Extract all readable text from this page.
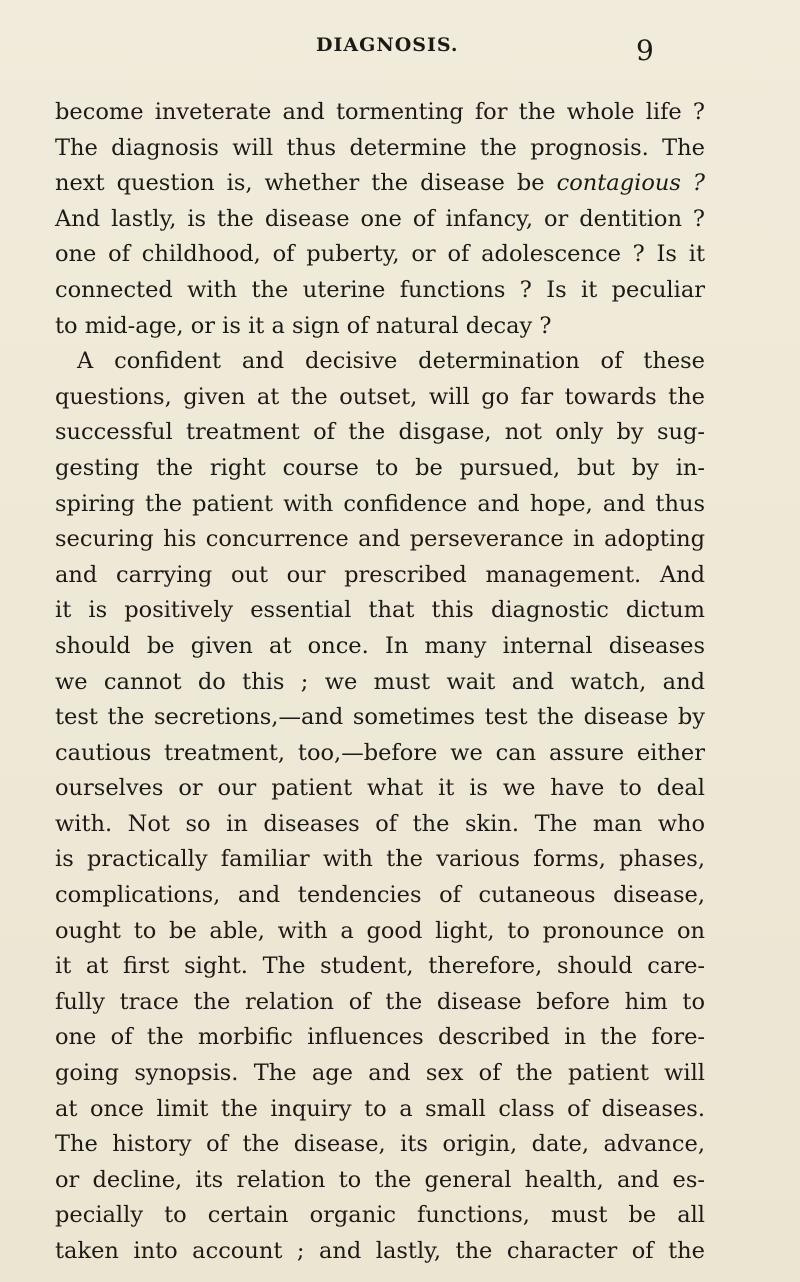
DIAGNOSIS.	9
become inveterate and tormenting for the whole life ?
The diagnosis will thus determine the prognosis. The
next question is, whether the disease be contagious ?
And lastly, is the disease one of infancy, or dentition ?
one of childhood, of puberty, or of adolescence ? Is it
connected with the uterine functions ? Is it peculiar
to mid-age, or is it a sign of natural decay ?
A confident and decisive determination of these
questions, given at the outset, will go far towards the
successful treatment of the disgase, not only by sug-
gesting the right course to be pursued, but by in-
spiring the patient with confidence and hope, and thus
securing his concurrence and perseverance in adopting
and carrying out our prescribed management. And
it is positively essential that this diagnostic dictum
should be given at once. In many internal diseases
we cannot do this ; we must wait and watch, and
test the secretions,—and sometimes test the disease by
cautious treatment, too,—before we can assure either
ourselves or our patient what it is we have to deal
with. Not so in diseases of the skin. The man who
is practically familiar with the various forms, phases,
complications, and tendencies of cutaneous disease,
ought to be able, with a good light, to pronounce on
it at first sight. The student, therefore, should care-
fully trace the relation of the disease before him to
one of the morbific influences described in the fore-
going synopsis. The age and sex of the patient will
at once limit the inquiry to a small class of diseases.
The history of the disease, its origin, date, advance,
or decline, its relation to the general health, and es-
pecially to certain organic functions, must be all
taken into account ; and lastly, the character of the
